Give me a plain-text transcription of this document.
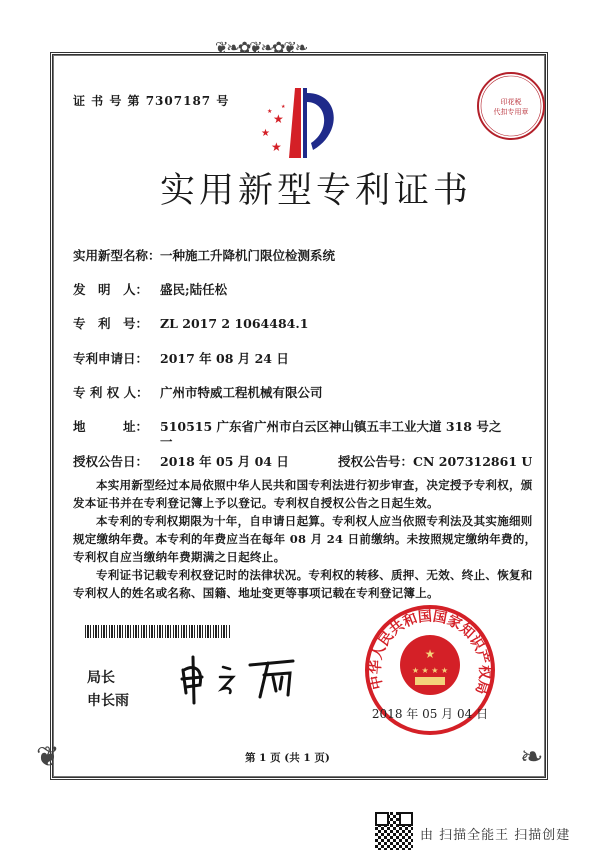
❦❧✿❦❧✿❦❧
❦	❧
证 书 号 第 7307187 号
★
★
★
★
★
印花税
代扣专用章
实用新型专利证书
实用新型名称：一种施工升降机门限位检测系统
发　明　人： 盛民;陆任松
专　利　号： ZL 2017 2 1064484.1
专利申请日： 2017 年 08 月 24 日
专 利 权 人： 广州市特威工程机械有限公司
地　　　址： 510515 广东省广州市白云区神山镇五丰工业大道 318 号之
一
授权公告日： 2018 年 05 月 04 日	授权公告号：CN 207312861 U
本实用新型经过本局依照中华人民共和国专利法进行初步审查，决定授予专利权，颁发本证书并在专利登记簿上予以登记。专利权自授权公告之日起生效。
本专利的专利权期限为十年，自申请日起算。专利权人应当依照专利法及其实施细则规定缴纳年费。本专利的年费应当在每年 08 月 24 日前缴纳。未按照规定缴纳年费的，专利权自应当缴纳年费期满之日起终止。
专利证书记载专利权登记时的法律状况。专利权的转移、质押、无效、终止、恢复和专利权人的姓名或名称、国籍、地址变更等事项记载在专利登记簿上。
局长
申长雨
中华人民共和国国家知识产权局
★
★ ★ ★ ★
2018 年 05 月 04 日
第 1 页 (共 1 页)
由 扫描全能王 扫描创建
